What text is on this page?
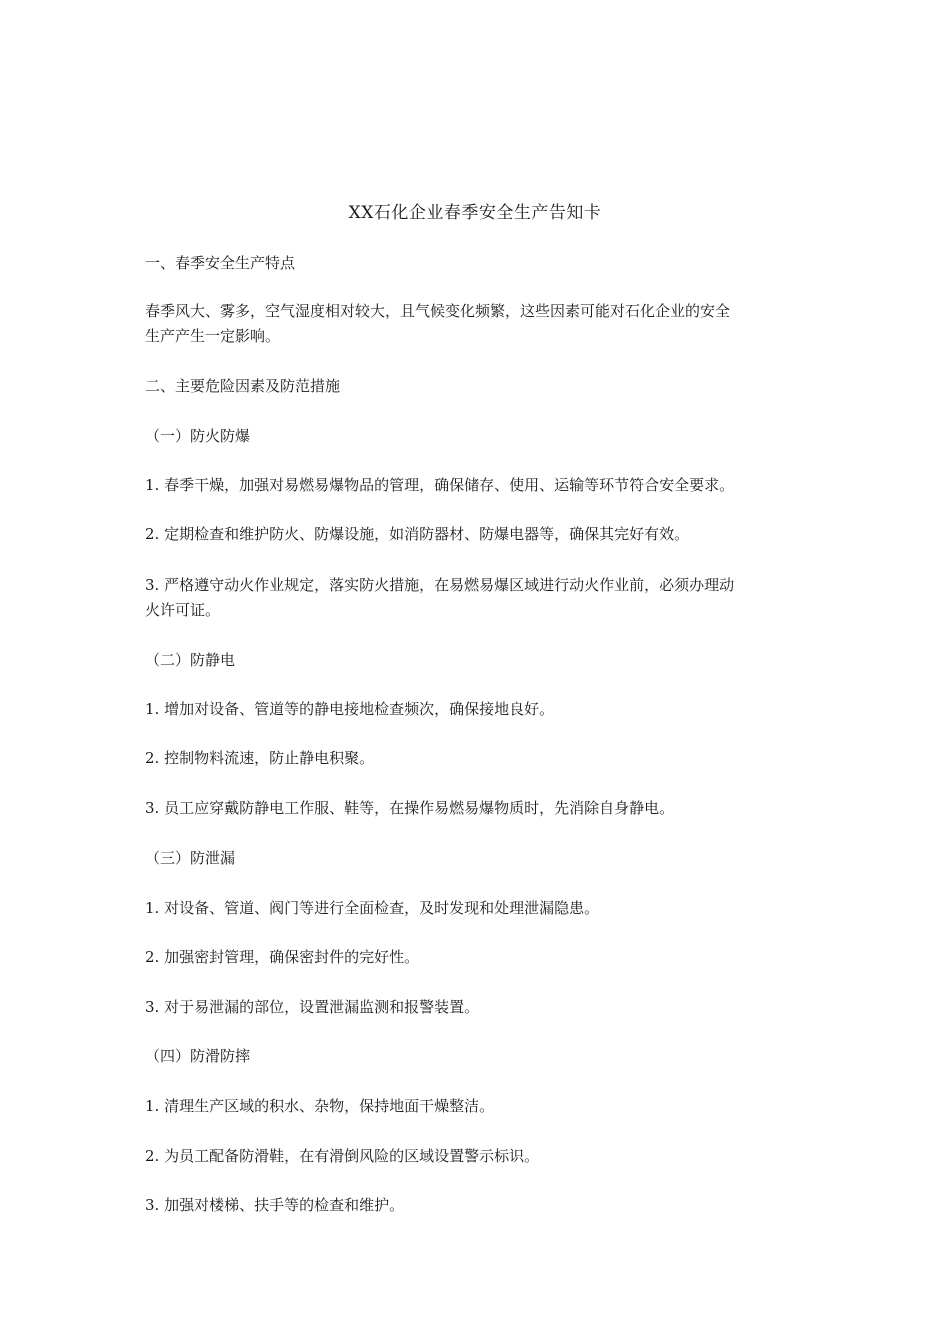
XX石化企业春季安全生产告知卡

一、春季安全生产特点

春季风大、雾多，空气湿度相对较大，且气候变化频繁，这些因素可能对石化企业的安全

生产产生一定影响。

二、主要危险因素及防范措施

（一）防火防爆

1. 春季干燥，加强对易燃易爆物品的管理，确保储存、使用、运输等环节符合安全要求。

2. 定期检查和维护防火、防爆设施，如消防器材、防爆电器等，确保其完好有效。

3. 严格遵守动火作业规定，落实防火措施，在易燃易爆区域进行动火作业前，必须办理动

火许可证。

（二）防静电

1. 增加对设备、管道等的静电接地检查频次，确保接地良好。

2. 控制物料流速，防止静电积聚。

3. 员工应穿戴防静电工作服、鞋等，在操作易燃易爆物质时，先消除自身静电。

（三）防泄漏

1. 对设备、管道、阀门等进行全面检查，及时发现和处理泄漏隐患。

2. 加强密封管理，确保密封件的完好性。

3. 对于易泄漏的部位，设置泄漏监测和报警装置。

（四）防滑防摔

1. 清理生产区域的积水、杂物，保持地面干燥整洁。

2. 为员工配备防滑鞋，在有滑倒风险的区域设置警示标识。

3. 加强对楼梯、扶手等的检查和维护。
